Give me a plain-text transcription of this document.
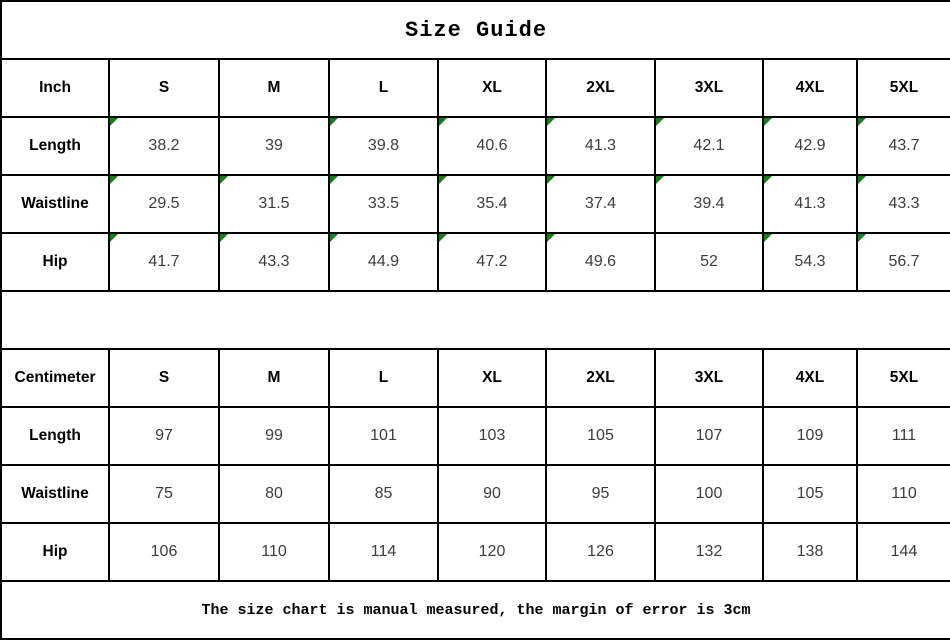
Size Guide								
Inch	S	M	L	XL	2XL	3XL	4XL	5XL
Length	38.2	39	39.8	40.6	41.3	42.1	42.9	43.7
Waistline	29.5	31.5	33.5	35.4	37.4	39.4	41.3	43.3
Hip	41.7	43.3	44.9	47.2	49.6	52	54.3	56.7

Centimeter	S	M	L	XL	2XL	3XL	4XL	5XL
Length	97	99	101	103	105	107	109	111
Waistline	75	80	85	90	95	100	105	110
Hip	106	110	114	120	126	132	138	144
The size chart is manual measured, the margin of error is 3cm								
